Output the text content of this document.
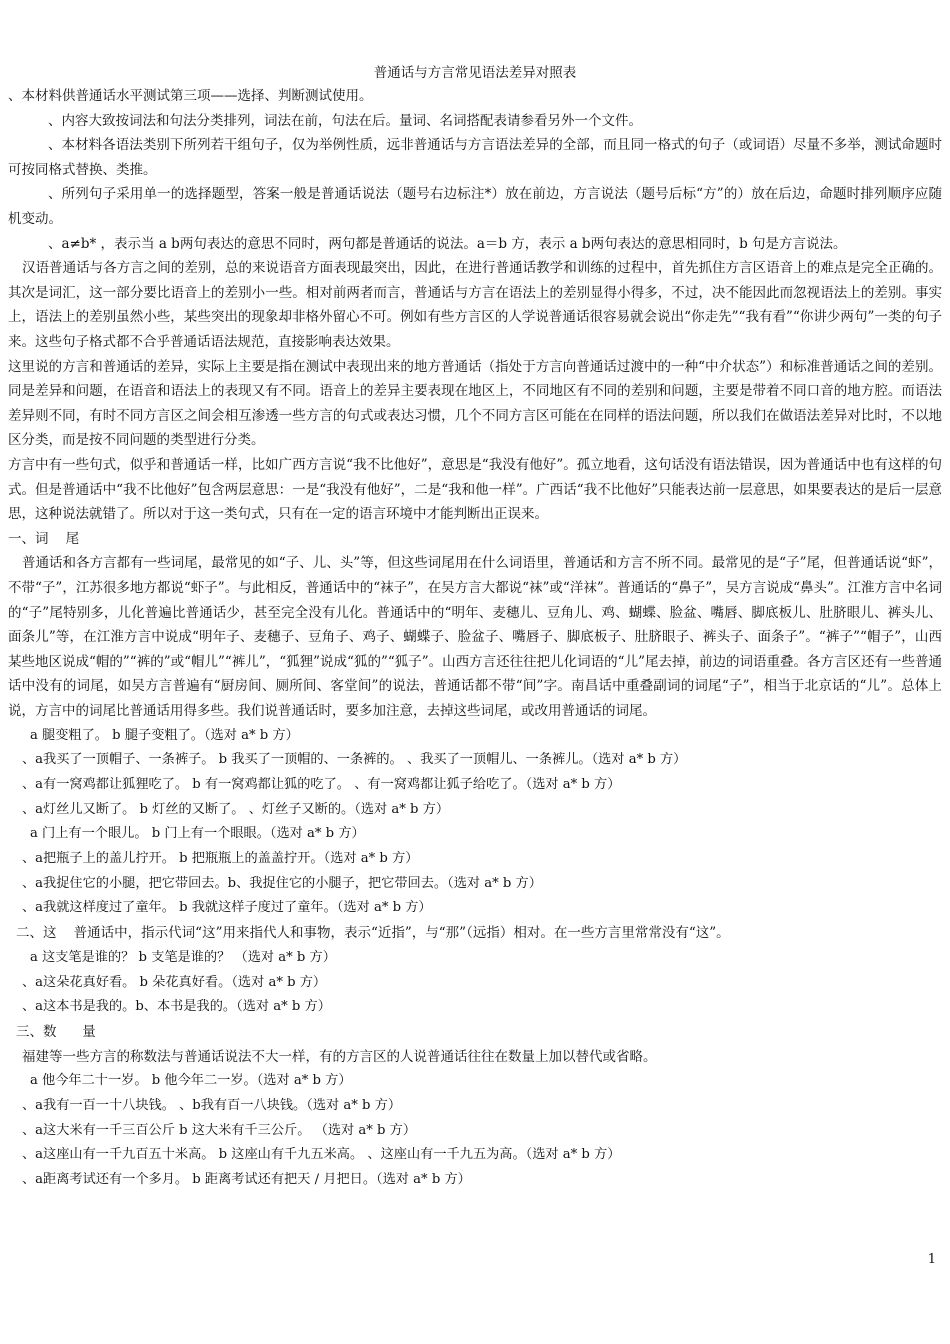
普通话与方言常见语法差异对照表

、本材料供普通话水平测试第三项——选择、判断测试使用。

、内容大致按词法和句法分类排列，词法在前，句法在后。量词、名词搭配表请参看另外一个文件。

、本材料各语法类别下所列若干组句子，仅为举例性质，远非普通话与方言语法差异的全部，而且同一格式的句子（或词语）尽量不多举，测试命题时可按同格式替换、类推。

、所列句子采用单一的选择题型，答案一般是普通话说法（题号右边标注*）放在前边，方言说法（题号后标“方”的）放在后边，命题时排列顺序应随机变动。

、a≠b* ，表示当 a b两句表达的意思不同时，两句都是普通话的说法。a＝b 方，表示 a b两句表达的意思相同时，b 句是方言说法。

汉语普通话与各方言之间的差别，总的来说语音方面表现最突出，因此，在进行普通话教学和训练的过程中，首先抓住方言区语音上的难点是完全正确的。其次是词汇，这一部分要比语音上的差别小一些。相对前两者而言，普通话与方言在语法上的差别显得小得多，不过，决不能因此而忽视语法上的差别。事实上，语法上的差别虽然小些，某些突出的现象却非格外留心不可。例如有些方言区的人学说普通话很容易就会说出“你走先”“我有看”“你讲少两句”一类的句子来。这些句子格式都不合乎普通话语法规范，直接影响表达效果。

这里说的方言和普通话的差异，实际上主要是指在测试中表现出来的地方普通话（指处于方言向普通话过渡中的一种“中介状态”）和标准普通话之间的差别。同是差异和问题，在语音和语法上的表现又有不同。语音上的差异主要表现在地区上，不同地区有不同的差别和问题，主要是带着不同口音的地方腔。而语法差异则不同，有时不同方言区之间会相互渗透一些方言的句式或表达习惯，几个不同方言区可能在在同样的语法问题，所以我们在做语法差异对比时，不以地区分类，而是按不同问题的类型进行分类。

方言中有一些句式，似乎和普通话一样，比如广西方言说“我不比他好”，意思是“我没有他好”。孤立地看，这句话没有语法错误，因为普通话中也有这样的句式。但是普通话中“我不比他好”包含两层意思：一是“我没有他好”，二是“我和他一样”。广西话“我不比他好”只能表达前一层意思，如果要表达的是后一层意思，这种说法就错了。所以对于这一类句式，只有在一定的语言环境中才能判断出正误来。

一、词    尾

普通话和各方言都有一些词尾，最常见的如“子、儿、头”等，但这些词尾用在什么词语里，普通话和方言不所不同。最常见的是“子”尾，但普通话说“虾”，不带“子”，江苏很多地方都说“虾子”。与此相反，普通话中的“袜子”，在吴方言大都说“袜”或“洋袜”。普通话的“鼻子”，吴方言说成“鼻头”。江淮方言中名词的“子”尾特别多，儿化普遍比普通话少，甚至完全没有儿化。普通话中的“明年、麦穗儿、豆角儿、鸡、蝴蝶、脸盆、嘴唇、脚底板儿、肚脐眼儿、裤头儿、面条儿”等，在江淮方言中说成“明年子、麦穗子、豆角子、鸡子、蝴蝶子、脸盆子、嘴唇子、脚底板子、肚脐眼子、裤头子、面条子”。“裤子”“帽子”，山西某些地区说成“帽的”“裤的”或“帽儿”“裤儿”，“狐狸”说成“狐的”“狐子”。山西方言还往往把儿化词语的“儿”尾去掉，前边的词语重叠。各方言区还有一些普通话中没有的词尾，如吴方言普遍有“厨房间、厕所间、客堂间”的说法，普通话都不带“间”字。南昌话中重叠副词的词尾“子”，相当于北京话的“儿”。总体上说，方言中的词尾比普通话用得多些。我们说普通话时，要多加注意，去掉这些词尾，或改用普通话的词尾。

a 腿变粗了。 b 腿子变粗了。（选对 a* b 方）

、a我买了一顶帽子、一条裤子。 b 我买了一顶帽的、一条裤的。 、我买了一顶帽儿、一条裤儿。（选对 a* b 方）

、a有一窝鸡都让狐狸吃了。 b 有一窝鸡都让狐的吃了。 、有一窝鸡都让狐子给吃了。（选对 a* b 方）

、a灯丝儿又断了。 b 灯丝的又断了。 、灯丝子又断的。（选对 a* b 方）

a 门上有一个眼儿。 b 门上有一个眼眼。（选对 a* b 方）

、a把瓶子上的盖儿拧开。 b 把瓶瓶上的盖盖拧开。（选对 a* b 方）

、a我捉住它的小腿，把它带回去。b、我捉住它的小腿子，把它带回去。（选对 a* b 方）

、a我就这样度过了童年。 b 我就这样子度过了童年。（选对 a* b 方）

二、这    普通话中，指示代词“这”用来指代人和事物，表示“近指”，与“那”（远指）相对。在一些方言里常常没有“这”。

a 这支笔是谁的？ b 支笔是谁的？ （选对 a* b 方）

、a这朵花真好看。 b 朵花真好看。（选对 a* b 方）

、a这本书是我的。b、本书是我的。（选对 a* b 方）

三、数      量

福建等一些方言的称数法与普通话说法不大一样，有的方言区的人说普通话往往在数量上加以替代或省略。

a 他今年二十一岁。 b 他今年二一岁。（选对 a* b 方）

、a我有一百一十八块钱。 、b我有百一八块钱。（选对 a* b 方）

、a这大米有一千三百公斤 b 这大米有千三公斤。 （选对 a* b 方）

、a这座山有一千九百五十米高。 b 这座山有千九五米高。 、这座山有一千九五为高。（选对 a* b 方）

、a距离考试还有一个多月。 b 距离考试还有把天 / 月把日。（选对 a* b 方）

1
